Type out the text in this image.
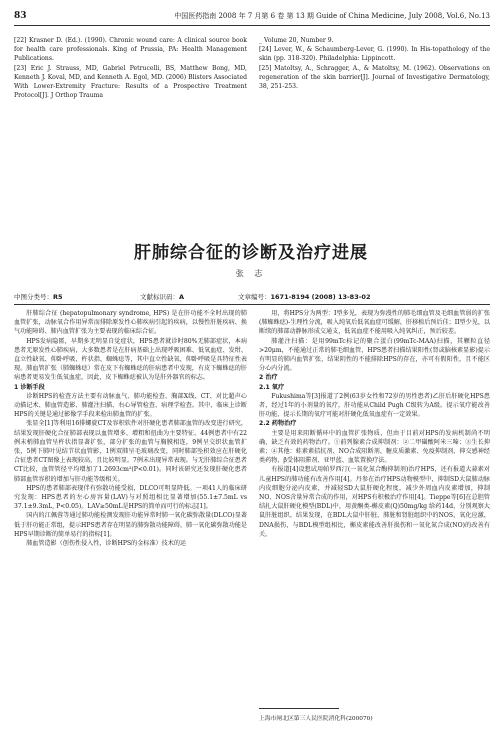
83	中国医药指南 2008 年 7 月第 6 卷 第 13 期 Guide of China Medicine, July 2008, Vol.6, No.13

[22] Krasner D. (Ed.). (1990). Chronic wound care: A clinical source book for health care professionals. King of Prussia, PA: Health Management Publications.

[23] Eric J. Strauss, MD, Gabriel Petrucelli, BS, Matthew Bong, MD, Kenneth J. Koval, MD, and Kenneth A. Egol, MD. (2006) Blisters Associated With Lower-Extremity Fracture: Results of a Prospective Treatment Protocol[J]. J Orthop Trauma

_ Volume 20, Number 9.

[24] Lever, W., & Schaumberg-Lever, G. (1990). In His-topathology of the skin (pp. 318-320). Philadelphia: Lippincott.

[25] Matoltsy, A., Schragger, A., & Matoltsy, M. (1962). Observations on regeneration of the skin barrier[J]. Journal of Investigative Dermatology, 38, 251-253.

肝肺综合征的诊断及治疗进展
张 志
中图分类号：R5	文献标识码：A	文章编号：1671-8194 (2008) 13-83-02

肝肺综合征 (hepatopulmonary syndrome, HPS) 是在肝功能不全时出现的肺血管扩张，动脉氧合作用异常而排除原发性心肺疾病引起的疾病，以慢性肝脏疾病、换气功能障碍、肺内血管扩张为主要表现的临床综合征。

HPS发病隐匿，早期多无明显自觉症状，HPS患者就诊时80%无肺部症状，本病患者无原发性心肺疾病，大多数患者是在肝病基础上出现呼吸困难、低氧血症、发绀、直立性缺氧、仰卧呼吸、杵状指、蜘蛛痣等，其中直立性缺氧、仰卧呼吸是具特征性表现。肺血管扩张（肺蜘蛛痣）常在皮下有蜘蛛痣的肝病患者中发现，有皮下蜘蛛痣的肝病患者更易发生低氧血症，因此，皮下蜘蛛痣被认为是肝外器官的标志。

1 诊断手段

诊断HPS的检查方法主要有动脉血气、肺功能检查、胸部X线、CT、对比超声心动描记术、肺血管造影、肺灌注扫描、右心导管检查、病理学检查。其中，临床上诊断HPS的关键是通过影像学手段来检出肺血管的扩张。

张显全[1]等利用16排螺旋CT及容积软件对肝硬化患者肺部血管的改变进行研究，结果发现肝硬化合征肺部表现以血管增多、增粗和扭曲为主要特征。44例患者中有22例末梢肺血管呈杵状指显著扩张，部分扩张的血管与胸膜相连，9例呈交织状血管扩张，5例下肺叶见结节状血管影，1例双肺呈毛玻璃改变，同时肺部坠积效应在肝硬化合征患者CT图像上表现较高，且比较明显。7例未出现异常表现。与无肝肺综合征患者CT比较，血管管径平均增加了1.2693cm²(P<0.01)。同时该研究还发现肝硬化患者肺部血管容积的增加与肝功能等级相关。

HPS的患者肺部表现伴有弥散功能受损，DLCO可明显降低。一项41人的临床研究发现：HPS患者的左心房容量(LAV)与对照组相比显著增加(55.1±7.5mL vs 37.1±9.3mL, P<0.05)。LAV≥50mL是HPS的简单而可行的标志[1]。

国内的江佩蓉等通过肺功能检测发现肝功能异常时肺一氧化碳弥散量(DLCO)显著低于肝功能正常组，提示HPS患者存在明显的肺弥散功能障碍，肺一氧化碳弥散功能是HPS早期诊断的简单易行的指标[1]。

肺血管造影（创伤性侵入性，诊断HPS的金标准）技术的运

用，将HPS分为两型：I型多见，表现为弥漫性的肺毛细血管及毛细血管弱的扩张(肺蜘蛛痣)-生理性分流，吸入纯氧后低氧血症可缓解，肝移植后预后佳；II型少见，以断续的肺部动静脉形成交通支，低氧血症不能用吸入纯氧纠正，预后较差。

肺灌注扫描：是用99mTc标记的聚合蛋白(99mTc-MAA)扫描，其颗粒直径>20μm，不能通过正常的肺毛细血管，HPS患者扫描结果阳性(肾或脑核素显影)提示有明显的肺内血管扩张，结果阴性的不能排除HPS的存在，亦可有假阳性，且不能区分心内分流。

2 治疗

2.1 氧疗

Fukushima等[3]报道了2例(63岁女性和72岁的男性患者)乙肝后肝硬化HPS患者，经过1年的小剂量的氧疗，肝功能从Child Pugh C级转为A级。提示氧疗能改善肝功能，提示长期的氧疗可能对肝硬化低氧血症有一定效果。

2.2 药物治疗

主要是用来阻断循环中的血管扩张物质，但由于目前对HPS的发病机制尚不明确，缺乏有效的药物治疗。①前列腺素合成抑制剂：②二甲磺酸阿米三嗪；③生长抑素；④其他：蛙素素拮抗剂、NO合成阻断剂、糖皮质激素、免疫抑制剂、抑交感神经类药物、β受体阻滞剂、亚甲蓝、血浆置换疗法。

有报道[4]设想试用帕罗西汀(一氧化氮合酶抑制剂)治疗HPS，还有报道大蒜素对儿童HPS的肺功能有改善作用[4]。丹参在治疗HPS动物模型中，抑制SD大鼠肺动脉内皮细胞分泌内皮素，并减轻SD大鼠肝硬化程度，减少外周血内皮素增加，抑制NO、NOS含量异常合成的作用，对HPS有积极治疗作用[4]。Tieppe等[6]在总胆管结扎大鼠肝硬化模型(BDL)中，用黄酮类-槲皮素(Q)50mg/kg 给药14d，分别观察大鼠肝脏组织。结果发现，在BDL大鼠中肝脏、肺脏和肾脏组织中的NOS，氧化应激，DNA损伤，与BDL模型组相比，槲皮素能改善肝损伤和一氧化氮合成(NO)的改善有关。

上海市闸北区第三人民医院消化科(200070)
